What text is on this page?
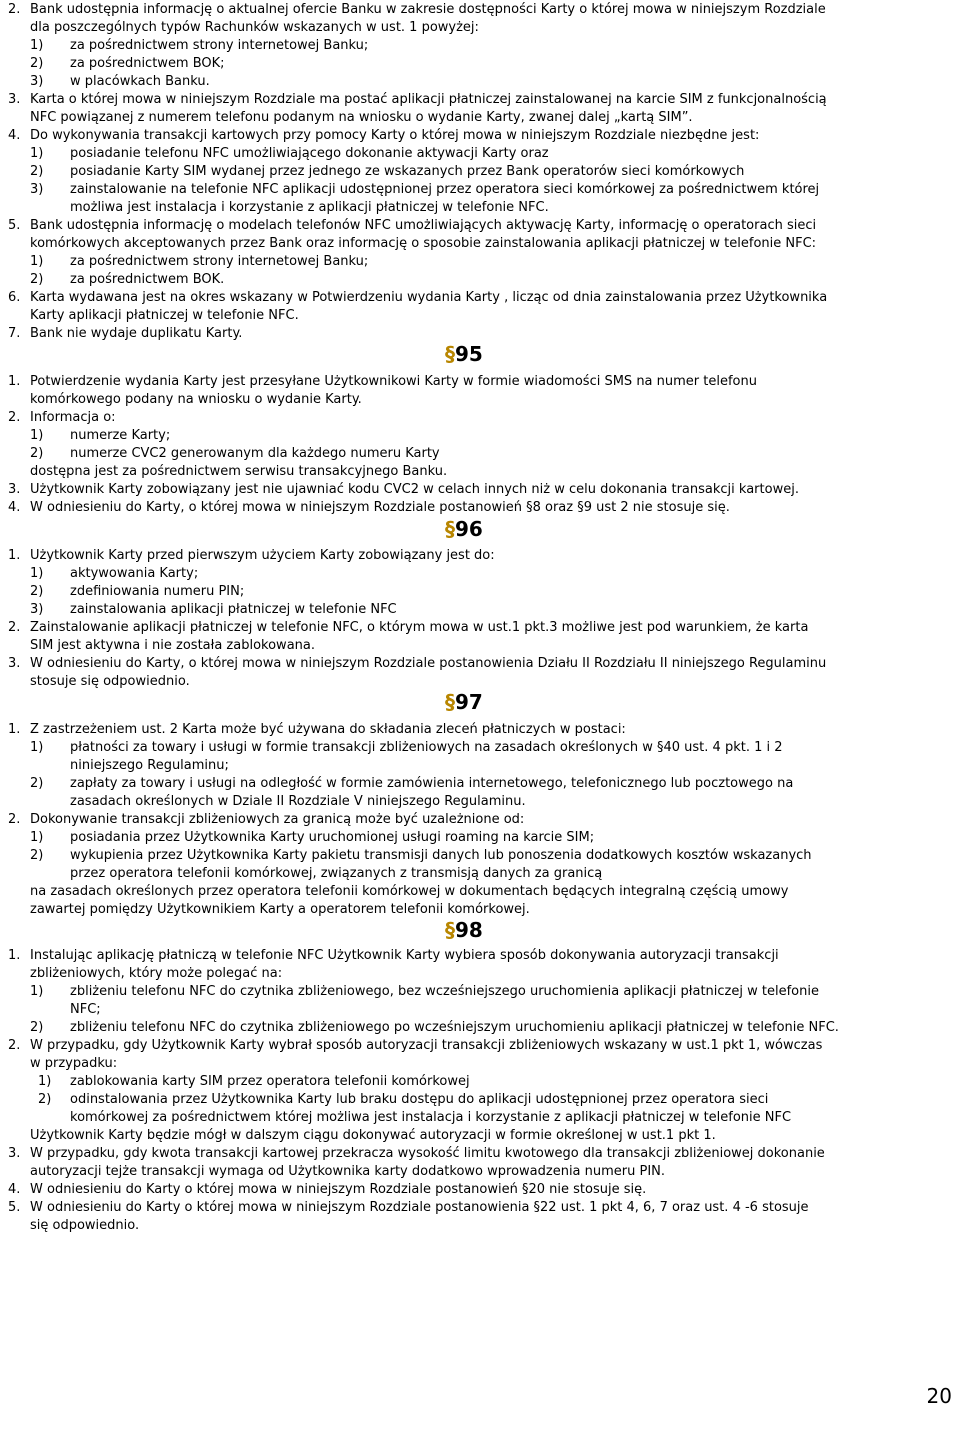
2. Bank udostępnia informację o aktualnej ofercie Banku w zakresie dostępności Karty o której mowa w niniejszym Rozdziale
dla poszczególnych typów Rachunków wskazanych w ust. 1 powyżej:
1) za pośrednictwem strony internetowej Banku;
2) za pośrednictwem BOK;
3) w placówkach Banku.
3. Karta o której mowa w niniejszym Rozdziale ma postać aplikacji płatniczej zainstalowanej na karcie SIM z funkcjonalnością
NFC powiązanej z numerem telefonu podanym na wniosku o wydanie Karty, zwanej dalej „kartą SIM”.
4. Do wykonywania transakcji kartowych przy pomocy Karty o której mowa w niniejszym Rozdziale niezbędne jest:
1) posiadanie telefonu NFC umożliwiającego dokonanie aktywacji Karty oraz
2) posiadanie Karty SIM wydanej przez jednego ze wskazanych przez Bank operatorów sieci komórkowych
3) zainstalowanie na telefonie NFC aplikacji udostępnionej przez operatora sieci komórkowej za pośrednictwem której
możliwa jest instalacja i korzystanie z aplikacji płatniczej w telefonie NFC.
5. Bank udostępnia informację o modelach telefonów NFC umożliwiających aktywację Karty, informację o operatorach sieci
komórkowych akceptowanych przez Bank oraz informację o sposobie zainstalowania aplikacji płatniczej w telefonie NFC:
1) za pośrednictwem strony internetowej Banku;
2) za pośrednictwem BOK.
6. Karta wydawana jest na okres wskazany w Potwierdzeniu wydania Karty , licząc od dnia zainstalowania przez Użytkownika
Karty aplikacji płatniczej w telefonie NFC.
7. Bank nie wydaje duplikatu Karty.
1. Potwierdzenie wydania Karty jest przesyłane Użytkownikowi Karty w formie wiadomości SMS na numer telefonu
komórkowego podany na wniosku o wydanie Karty.
2. Informacja o:
1) numerze Karty;
2) numerze CVC2 generowanym dla każdego numeru Karty
dostępna jest za pośrednictwem serwisu transakcyjnego Banku.
3. Użytkownik Karty zobowiązany jest nie ujawniać kodu CVC2 w celach innych niż w celu dokonania transakcji kartowej.
4. W odniesieniu do Karty, o której mowa w niniejszym Rozdziale postanowień §8 oraz §9 ust 2 nie stosuje się.
1. Użytkownik Karty przed pierwszym użyciem Karty zobowiązany jest do:
1) aktywowania Karty;
2) zdefiniowania numeru PIN;
3) zainstalowania aplikacji płatniczej w telefonie NFC
2. Zainstalowanie aplikacji płatniczej w telefonie NFC, o którym mowa w ust.1 pkt.3 możliwe jest pod warunkiem, że karta
SIM jest aktywna i nie została zablokowana.
3. W odniesieniu do Karty, o której mowa w niniejszym Rozdziale postanowienia Działu II Rozdziału II niniejszego Regulaminu
stosuje się odpowiednio.
1. Z zastrzeżeniem ust. 2 Karta może być używana do składania zleceń płatniczych w postaci:
1) płatności za towary i usługi w formie transakcji zbliżeniowych na zasadach określonych w §40 ust. 4 pkt. 1 i 2
niniejszego Regulaminu;
2) zapłaty za towary i usługi na odległość w formie zamówienia internetowego, telefonicznego lub pocztowego na
zasadach określonych w Dziale II Rozdziale V niniejszego Regulaminu.
2. Dokonywanie transakcji zbliżeniowych za granicą może być uzależnione od:
1) posiadania przez Użytkownika Karty uruchomionej usługi roaming na karcie SIM;
2) wykupienia przez Użytkownika Karty pakietu transmisji danych lub ponoszenia dodatkowych kosztów wskazanych
przez operatora telefonii komórkowej, związanych z transmisją danych za granicą
na zasadach określonych przez operatora telefonii komórkowej w dokumentach będących integralną częścią umowy
zawartej pomiędzy Użytkownikiem Karty a operatorem telefonii komórkowej.
1. Instalując aplikację płatniczą w telefonie NFC Użytkownik Karty wybiera sposób dokonywania autoryzacji transakcji
zbliżeniowych, który może polegać na:
1) zbliżeniu telefonu NFC do czytnika zbliżeniowego, bez wcześniejszego uruchomienia aplikacji płatniczej w telefonie
NFC;
2) zbliżeniu telefonu NFC do czytnika zbliżeniowego po wcześniejszym uruchomieniu aplikacji płatniczej w telefonie NFC.
2. W przypadku, gdy Użytkownik Karty wybrał sposób autoryzacji transakcji zbliżeniowych wskazany w ust.1 pkt 1, wówczas
w przypadku:
1) zablokowania karty SIM przez operatora telefonii komórkowej
2) odinstalowania przez Użytkownika Karty lub braku dostępu do aplikacji udostępnionej przez operatora sieci
komórkowej za pośrednictwem której możliwa jest instalacja i korzystanie z aplikacji płatniczej w telefonie NFC
Użytkownik Karty będzie mógł w dalszym ciągu dokonywać autoryzacji w formie określonej w ust.1 pkt 1.
3. W przypadku, gdy kwota transakcji kartowej przekracza wysokość limitu kwotowego dla transakcji zbliżeniowej dokonanie
autoryzacji tejże transakcji wymaga od Użytkownika karty dodatkowo wprowadzenia numeru PIN.
4. W odniesieniu do Karty o której mowa w niniejszym Rozdziale postanowień §20 nie stosuje się.
5. W odniesieniu do Karty o której mowa w niniejszym Rozdziale postanowienia §22 ust. 1 pkt 4, 6, 7 oraz ust. 4 -6 stosuje
się odpowiednio.
§95
§96
§97
§98
20
